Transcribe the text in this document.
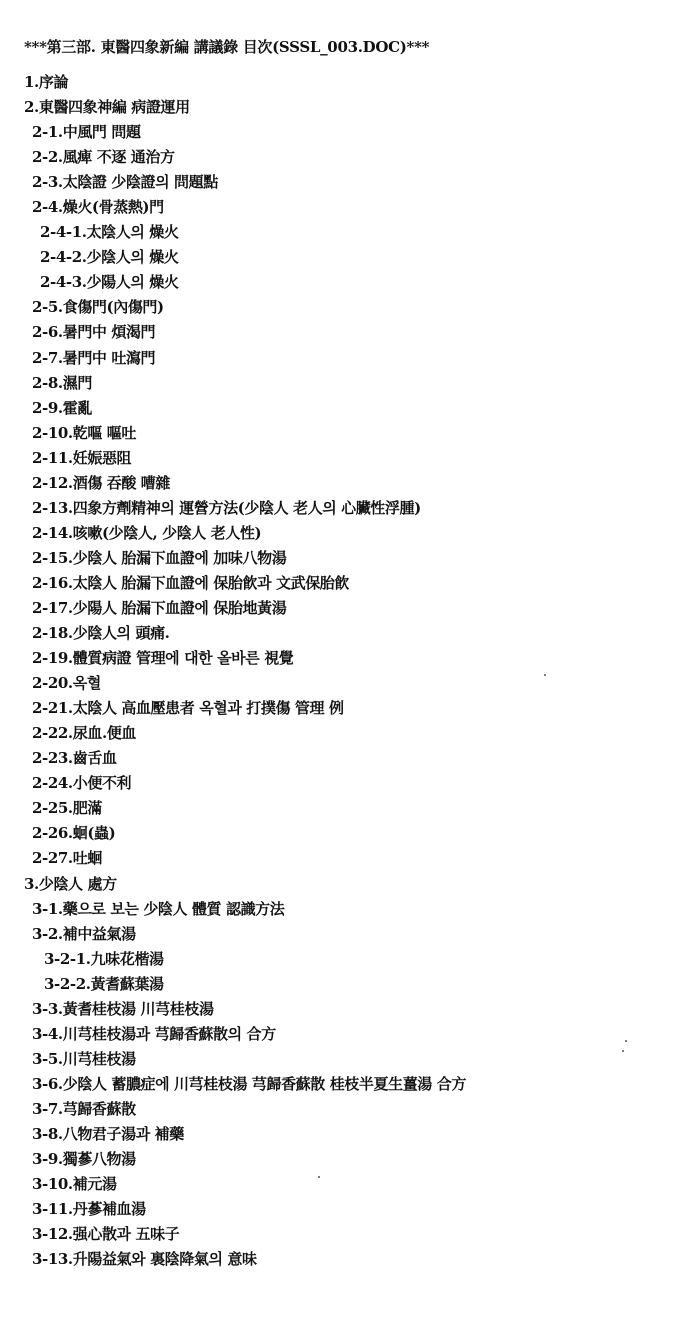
***第三部. 東醫四象新編 講議錄 目次(SSSL_003.DOC)***
1.序論
2.東醫四象神編 病證運用
2-1.中風門 問題
2-2.風痺 不逐 通治方
2-3.太陰證 少陰證의 問題點
2-4.燥火(骨蒸熱)門
2-4-1.太陰人의 燥火
2-4-2.少陰人의 燥火
2-4-3.少陽人의 燥火
2-5.食傷門(內傷門)
2-6.暑門中 煩渴門
2-7.暑門中 吐瀉門
2-8.濕門
2-9.霍亂
2-10.乾嘔 嘔吐
2-11.妊娠惡阻
2-12.酒傷 吞酸 嘈雜
2-13.四象方劑精神의 運營方法(少陰人 老人의 心臟性浮腫)
2-14.咳嗽(少陰人, 少陰人 老人性)
2-15.少陰人 胎漏下血證에 加味八物湯
2-16.太陰人 胎漏下血證에 保胎飮과 文武保胎飮
2-17.少陽人 胎漏下血證에 保胎地黃湯
2-18.少陰人의 頭痛.
2-19.體質病證 管理에 대한 올바른 視覺
2-20.옥혈
2-21.太陰人 高血壓患者 옥혈과 打撲傷 管理 例
2-22.尿血.便血
2-23.齒舌血
2-24.小便不利
2-25.肥滿
2-26.蛔(蟲)
2-27.吐蛔
3.少陰人 處方
3-1.藥으로 보는 少陰人 體質 認識方法
3-2.補中益氣湯
3-2-1.九味花楷湯
3-2-2.黃耆蘇葉湯
3-3.黃耆桂枝湯 川芎桂枝湯
3-4.川芎桂枝湯과 芎歸香蘇散의 合方
3-5.川芎桂枝湯
3-6.少陰人 蓄膿症에 川芎桂枝湯 芎歸香蘇散 桂枝半夏生薑湯 合方
3-7.芎歸香蘇散
3-8.八物君子湯과 補藥
3-9.獨蔘八物湯
3-10.補元湯
3-11.丹蔘補血湯
3-12.强心散과 五味子
3-13.升陽益氣와 裏陰降氣의 意味
